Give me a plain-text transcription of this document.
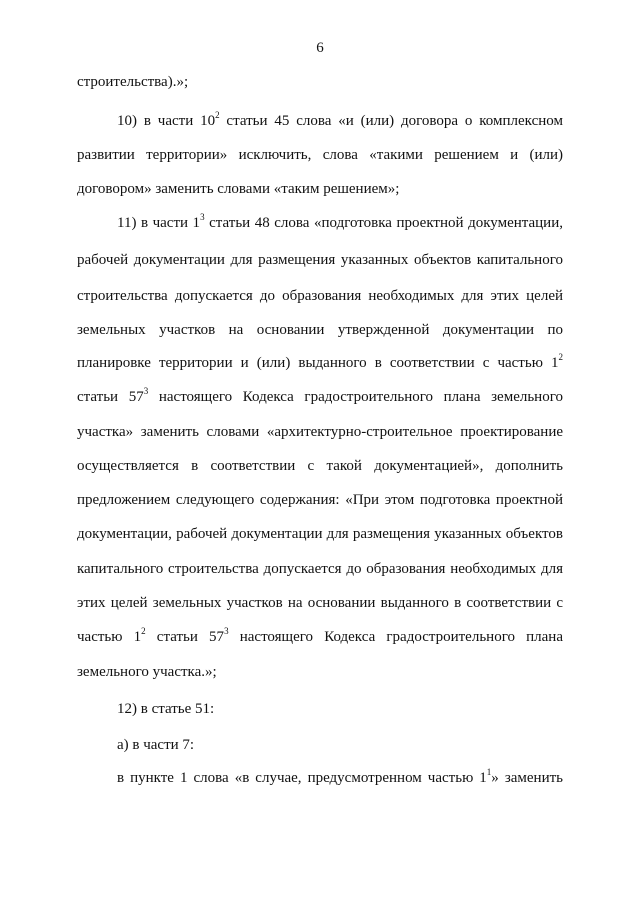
6
строительства).»;
10) в части $10^2$ статьи 45 слова «и (или) договора о комплексном
развитии территории» исключить, слова «такими решением и (или)
договором» заменить словами «таким решением»;
11) в части $1^3$ статьи 48 слова «подготовка проектной документации,
рабочей документации для размещения указанных объектов капитального
строительства допускается до образования необходимых для этих целей
земельных участков на основании утвержденной документации по
планировке территории и (или) выданного в соответствии с частью $1^2$
статьи $57^3$ настоящего Кодекса градостроительного плана земельного
участка» заменить словами «архитектурно-строительное проектирование
осуществляется в соответствии с такой документацией», дополнить
предложением следующего содержания: «При этом подготовка проектной
документации, рабочей документации для размещения указанных объектов
капитального строительства допускается до образования необходимых для
этих целей земельных участков на основании выданного в соответствии с
частью $1^2$ статьи $57^3$ настоящего Кодекса градостроительного плана
земельного участка.»;
12) в статье 51:
а) в части 7:
в пункте 1 слова «в случае, предусмотренном частью $1^1$» заменить
